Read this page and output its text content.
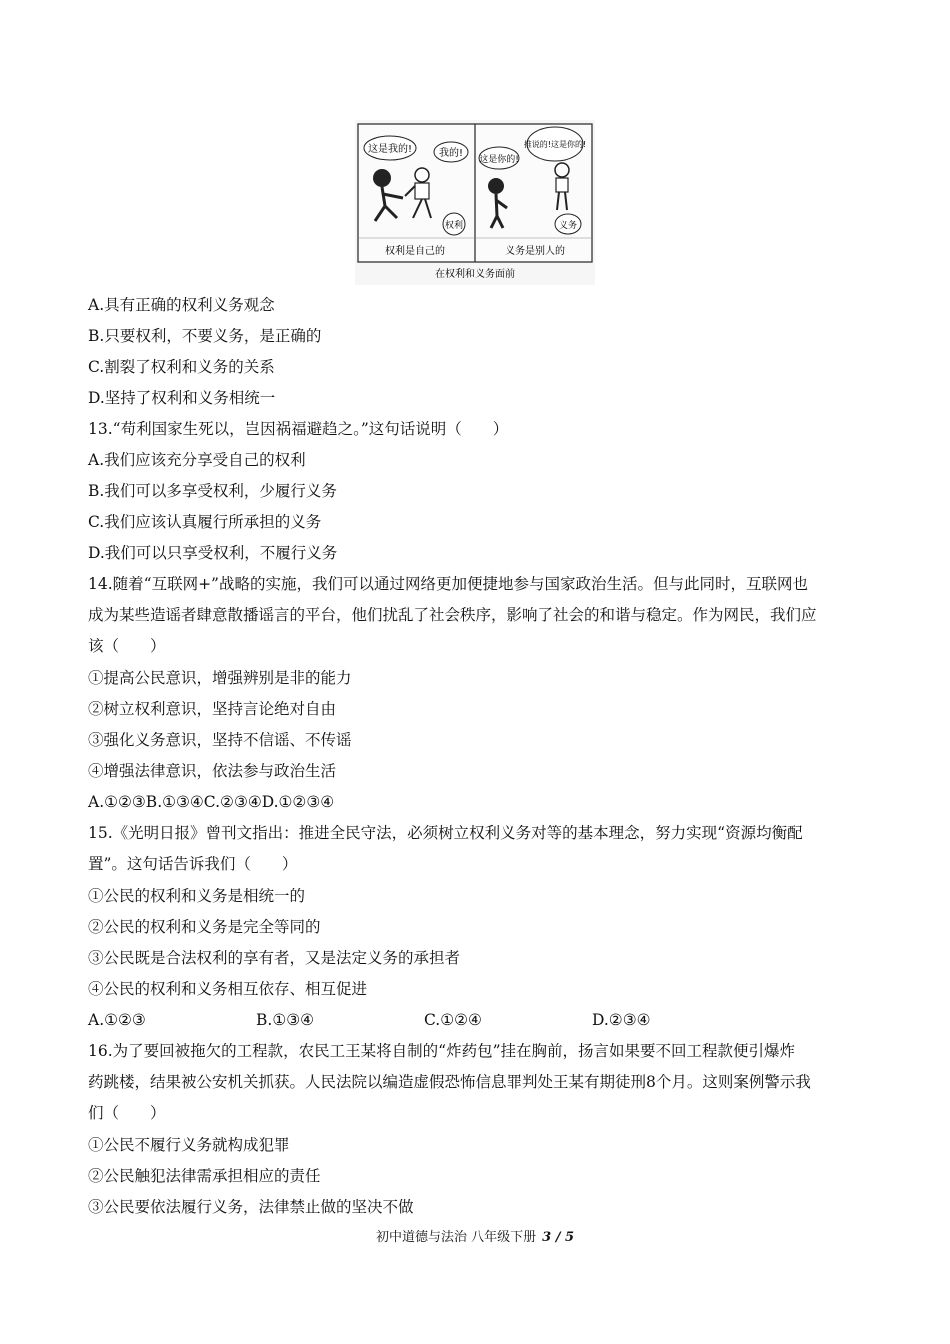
这是我的!	我的!
权利
这是你的!
推说的!这是你的!
义务
权利是自己的	义务是别人的
在权利和义务面前
A.具有正确的权利义务观念
B.只要权利，不要义务，是正确的
C.割裂了权利和义务的关系
D.坚持了权利和义务相统一
13.“苟利国家生死以，岂因祸福避趋之。”这句话说明（　　）
A.我们应该充分享受自己的权利
B.我们可以多享受权利，少履行义务
C.我们应该认真履行所承担的义务
D.我们可以只享受权利，不履行义务
14.随着“互联网+”战略的实施，我们可以通过网络更加便捷地参与国家政治生活。但与此同时，互联网也
成为某些造谣者肆意散播谣言的平台，他们扰乱了社会秩序，影响了社会的和谐与稳定。作为网民，我们应
该（　　）
①提高公民意识，增强辨别是非的能力
②树立权利意识，坚持言论绝对自由
③强化义务意识，坚持不信谣、不传谣
④增强法律意识，依法参与政治生活
A.①②③B.①③④C.②③④D.①②③④
15.《光明日报》曾刊文指出：推进全民守法，必须树立权利义务对等的基本理念，努力实现“资源均衡配
置”。这句话告诉我们（　　）
①公民的权利和义务是相统一的
②公民的权利和义务是完全等同的
③公民既是合法权利的享有者，又是法定义务的承担者
④公民的权利和义务相互依存、相互促进
A.①②③	B.①③④	C.①②④	D.②③④
16.为了要回被拖欠的工程款，农民工王某将自制的“炸药包”挂在胸前，扬言如果要不回工程款便引爆炸
药跳楼，结果被公安机关抓获。人民法院以编造虚假恐怖信息罪判处王某有期徒刑8个月。这则案例警示我
们（　　）
①公民不履行义务就构成犯罪
②公民触犯法律需承担相应的责任
③公民要依法履行义务，法律禁止做的坚决不做
初中道德与法治 八年级下册 3 / 5
